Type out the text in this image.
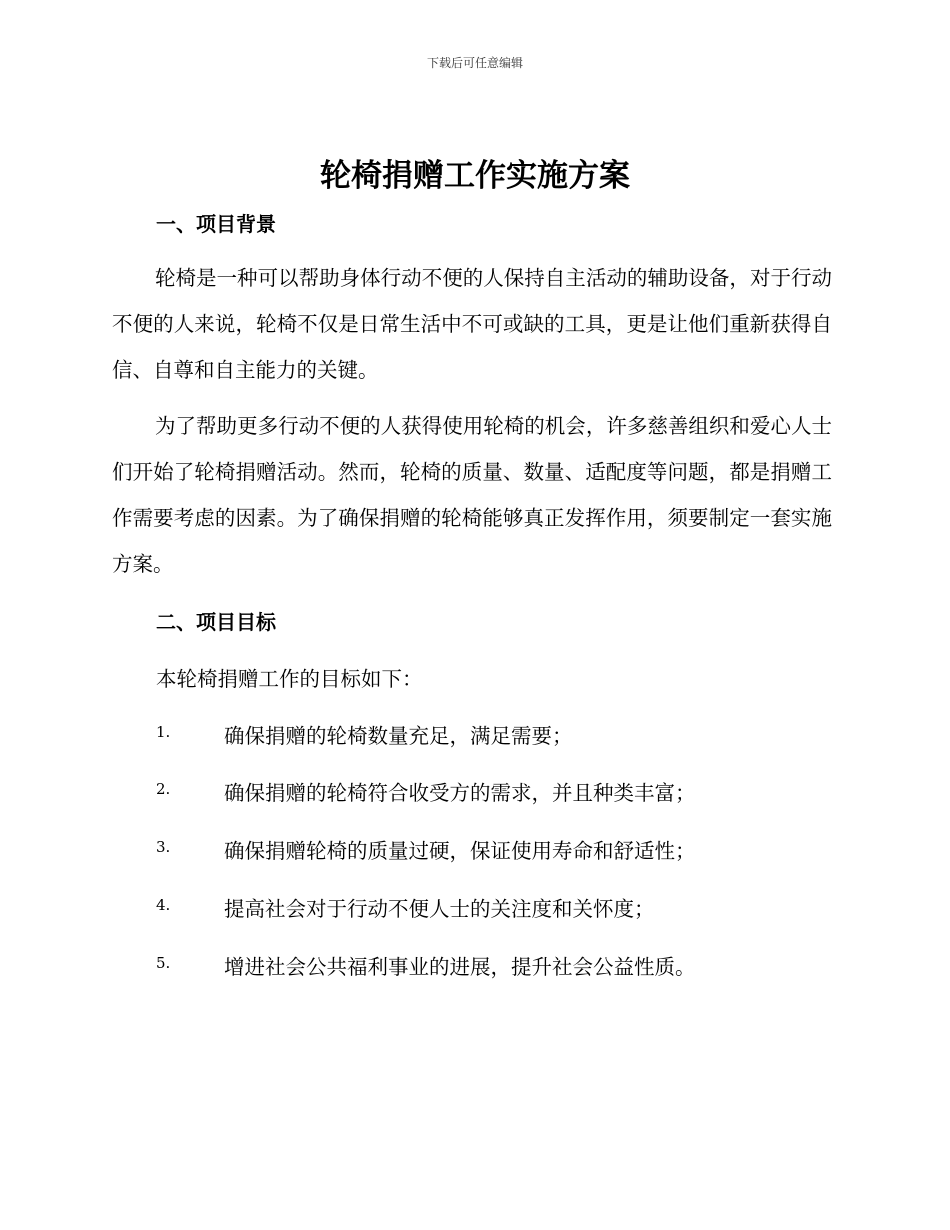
下载后可任意编辑
轮椅捐赠工作实施方案
一、项目背景
轮椅是一种可以帮助身体行动不便的人保持自主活动的辅助设备，对于行动不便的人来说，轮椅不仅是日常生活中不可或缺的工具，更是让他们重新获得自信、自尊和自主能力的关键。
为了帮助更多行动不便的人获得使用轮椅的机会，许多慈善组织和爱心人士们开始了轮椅捐赠活动。然而，轮椅的质量、数量、适配度等问题，都是捐赠工作需要考虑的因素。为了确保捐赠的轮椅能够真正发挥作用，须要制定一套实施方案。
二、项目目标
本轮椅捐赠工作的目标如下：
1.	确保捐赠的轮椅数量充足，满足需要；
2.	确保捐赠的轮椅符合收受方的需求，并且种类丰富；
3.	确保捐赠轮椅的质量过硬，保证使用寿命和舒适性；
4.	提高社会对于行动不便人士的关注度和关怀度；
5.	增进社会公共福利事业的进展，提升社会公益性质。
